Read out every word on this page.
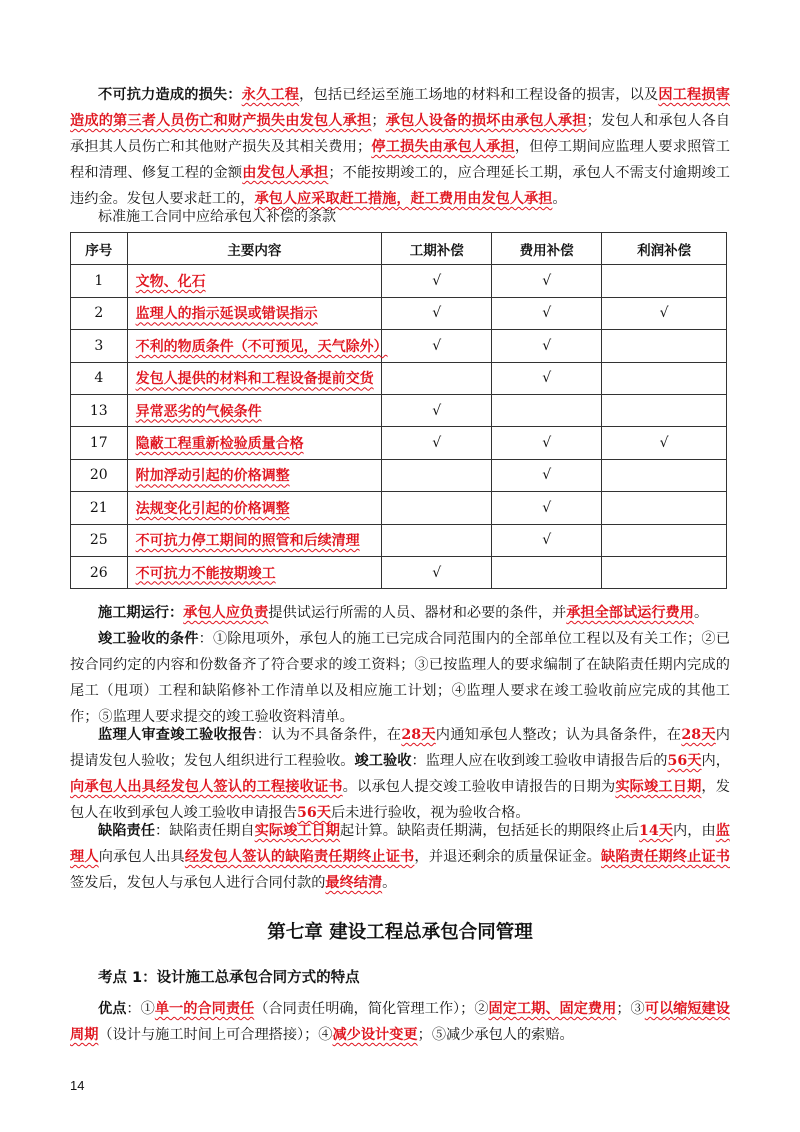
不可抗力造成的损失：永久工程，包括已经运至施工场地的材料和工程设备的损害，以及因工程损害造成的第三者人员伤亡和财产损失由发包人承担；承包人设备的损坏由承包人承担；发包人和承包人各自承担其人员伤亡和其他财产损失及其相关费用；停工损失由承包人承担，但停工期间应监理人要求照管工程和清理、修复工程的金额由发包人承担；不能按期竣工的，应合理延长工期，承包人不需支付逾期竣工违约金。发包人要求赶工的，承包人应采取赶工措施，赶工费用由发包人承担。

标准施工合同中应给承包人补偿的条款
序号	主要内容	工期补偿	费用补偿	利润补偿
1	文物、化石	√	√	
2	监理人的指示延误或错误指示	√	√	√
3	不利的物质条件（不可预见，天气除外）	√	√	
4	发包人提供的材料和工程设备提前交货		√	
13	异常恶劣的气候条件	√		
17	隐蔽工程重新检验质量合格	√	√	√
20	附加浮动引起的价格调整		√	
21	法规变化引起的价格调整		√	
25	不可抗力停工期间的照管和后续清理		√	
26	不可抗力不能按期竣工	√		

施工期运行：承包人应负责提供试运行所需的人员、器材和必要的条件，并承担全部试运行费用。

竣工验收的条件：①除甩项外，承包人的施工已完成合同范围内的全部单位工程以及有关工作；②已按合同约定的内容和份数备齐了符合要求的竣工资料；③已按监理人的要求编制了在缺陷责任期内完成的尾工（甩项）工程和缺陷修补工作清单以及相应施工计划；④监理人要求在竣工验收前应完成的其他工作；⑤监理人要求提交的竣工验收资料清单。

监理人审查竣工验收报告：认为不具备条件，在28天内通知承包人整改；认为具备条件，在28天内提请发包人验收；发包人组织进行工程验收。竣工验收：监理人应在收到竣工验收申请报告后的56天内，向承包人出具经发包人签认的工程接收证书。以承包人提交竣工验收申请报告的日期为实际竣工日期，发包人在收到承包人竣工验收申请报告56天后未进行验收，视为验收合格。

缺陷责任：缺陷责任期自实际竣工日期起计算。缺陷责任期满，包括延长的期限终止后14天内，由监理人向承包人出具经发包人签认的缺陷责任期终止证书，并退还剩余的质量保证金。缺陷责任期终止证书签发后，发包人与承包人进行合同付款的最终结清。

第七章 建设工程总承包合同管理
考点 1：设计施工总承包合同方式的特点

优点：①单一的合同责任（合同责任明确，简化管理工作）；②固定工期、固定费用；③可以缩短建设周期（设计与施工时间上可合理搭接）；④减少设计变更；⑤减少承包人的索赔。

14
